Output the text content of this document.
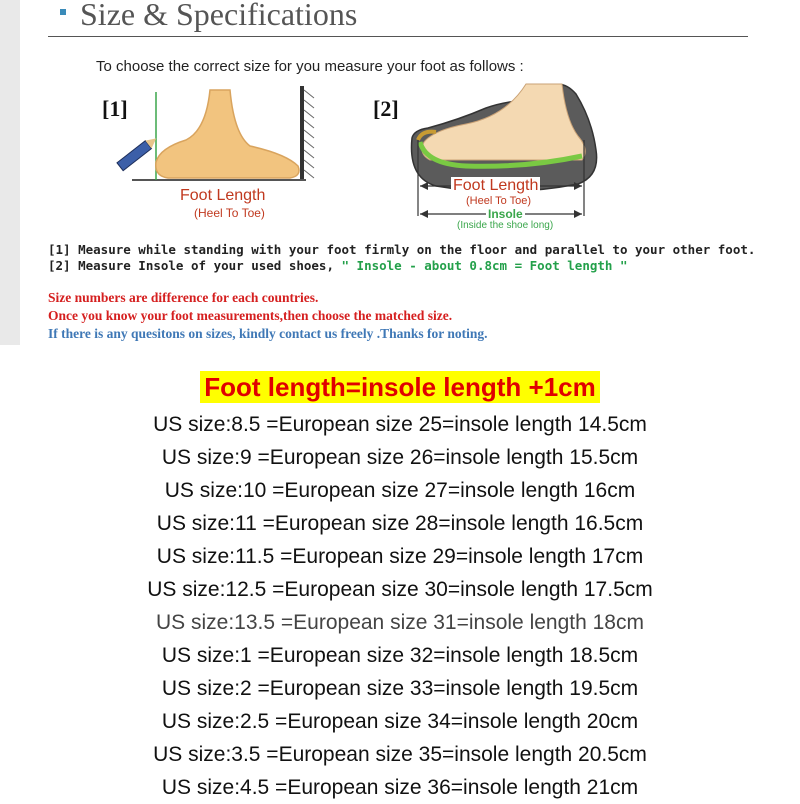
Size & Specifications
To choose the correct size for you measure your foot as follows :
[1]
Foot Length
(Heel To Toe)
[2]
Foot Length
(Heel To Toe)
Insole
(Inside the shoe long)
[1] Measure while standing with your foot firmly on the floor and parallel to your other foot.
[2] Measure Insole of your used shoes, " Insole - about 0.8cm = Foot length "
Size numbers are difference for each countries.
Once you know your foot measurements,then choose the matched size.
If there is any quesitons on sizes, kindly contact us freely .Thanks for noting.
Foot length=insole length +1cm
US size:8.5 =European size 25=insole length 14.5cm
US size:9 =European size 26=insole length 15.5cm
US size:10 =European size 27=insole length 16cm
US size:11 =European size 28=insole length 16.5cm
US size:11.5 =European size 29=insole length 17cm
US size:12.5 =European size 30=insole length 17.5cm
US size:13.5 =European size 31=insole length 18cm
US size:1 =European size 32=insole length 18.5cm
US size:2 =European size 33=insole length 19.5cm
US size:2.5 =European size 34=insole length 20cm
US size:3.5 =European size 35=insole length 20.5cm
US size:4.5 =European size 36=insole length 21cm
